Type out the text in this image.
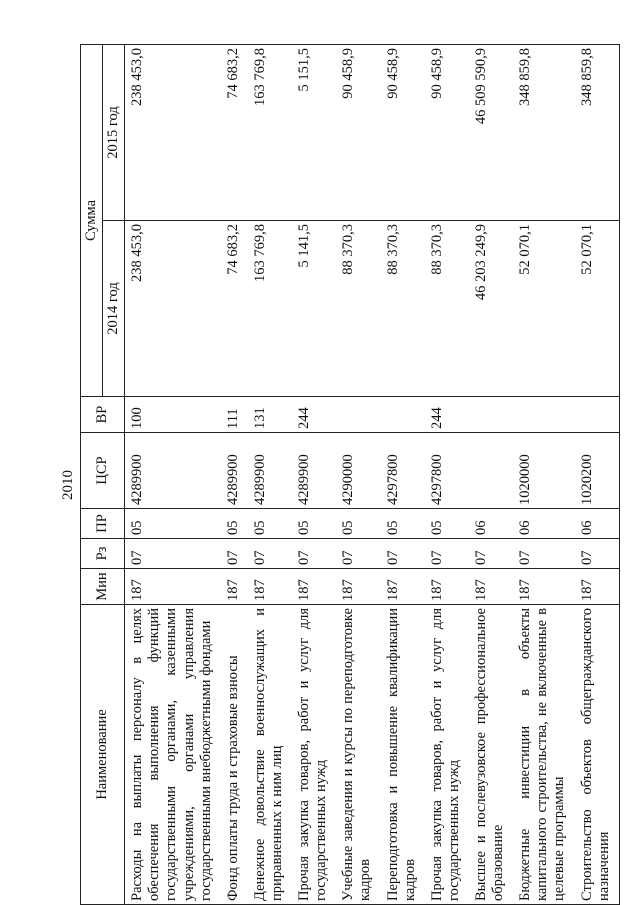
2010
Наименование	Мин	Рз	ПР	ЦСР	ВР	Сумма	
						2014 год	2015 год
Расходы на выплаты персоналу в целях обеспечения выполнения функций государственными органами, казенными учреждениями, органами управления государственными внебюджетными фондами	187	07	05	4289900	100	238 453,0	238 453,0
Фонд оплаты труда и страховые взносы	187	07	05	4289900	111	74 683,2	74 683,2
Денежное довольствие военнослужащих и приравненных к ним лиц	187	07	05	4289900	131	163 769,8	163 769,8
Прочая закупка товаров, работ и услуг для государственных нужд	187	07	05	4289900	244	5 141,5	5 151,5
Учебные заведения и курсы по переподготовке кадров	187	07	05	4290000		88 370,3	90 458,9
Переподготовка и повышение квалификации кадров	187	07	05	4297800		88 370,3	90 458,9
Прочая закупка товаров, работ и услуг для государственных нужд	187	07	05	4297800	244	88 370,3	90 458,9
Высшее и послевузовское профессиональное образование	187	07	06			46 203 249,9	46 509 590,9
Бюджетные инвестиции в объекты капитального строительства, не включенные в целевые программы	187	07	06	1020000		52 070,1	348 859,8
Строительство объектов общегражданского назначения	187	07	06	1020200		52 070,1	348 859,8
